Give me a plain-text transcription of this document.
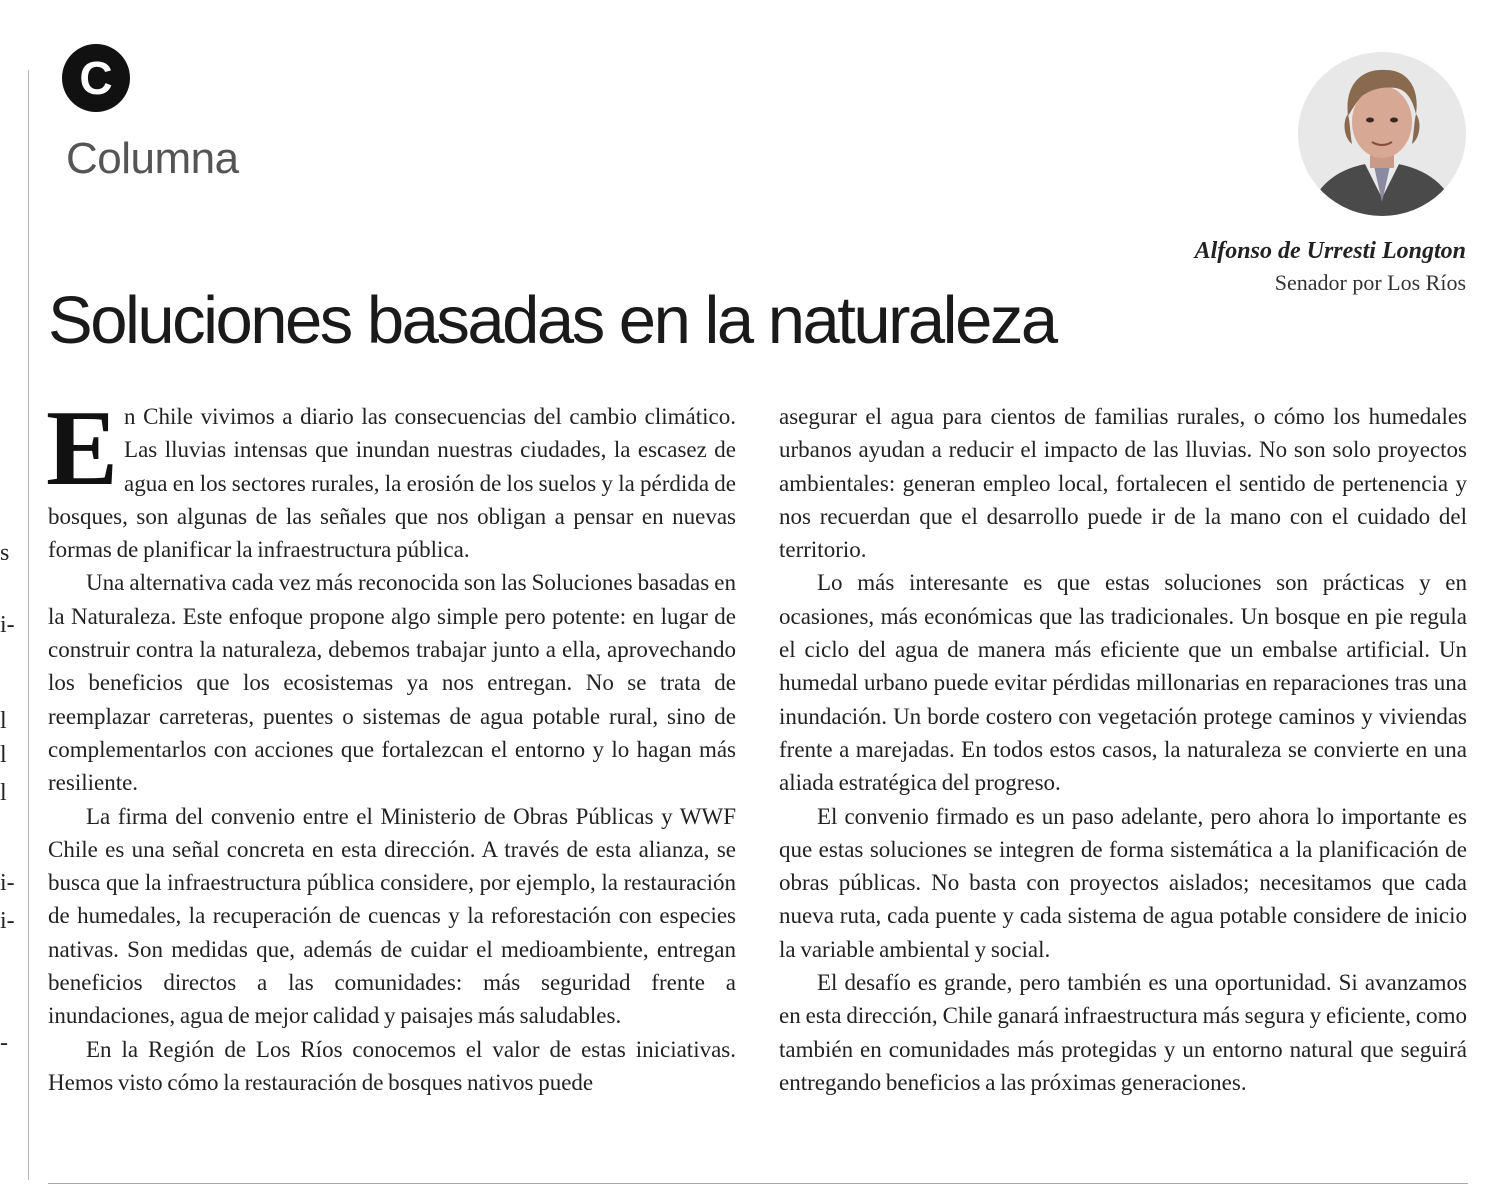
s
i-
l
l
l
i-
i-
-
C
Columna
Alfonso de Urresti Longton
Senador por Los Ríos
Soluciones basadas en la naturaleza

En Chile vivimos a diario las consecuencias del cambio climático. Las lluvias intensas que inundan nuestras ciudades, la escasez de agua en los sectores rurales, la erosión de los suelos y la pérdida de bosques, son algunas de las señales que nos obligan a pensar en nuevas formas de planificar la infraestructura pública.

Una alternativa cada vez más reconocida son las Soluciones basadas en la Naturaleza. Este enfoque propone algo simple pero potente: en lugar de construir contra la naturaleza, debemos trabajar junto a ella, aprovechando los beneficios que los ecosistemas ya nos entregan. No se trata de reemplazar carreteras, puentes o sistemas de agua potable rural, sino de complementarlos con acciones que fortalezcan el entorno y lo hagan más resiliente.

La firma del convenio entre el Ministerio de Obras Públicas y WWF Chile es una señal concreta en esta dirección. A través de esta alianza, se busca que la infraestructura pública considere, por ejemplo, la restauración de humedales, la recuperación de cuencas y la reforestación con especies nativas. Son medidas que, además de cuidar el medioambiente, entregan beneficios directos a las comunidades: más seguridad frente a inundaciones, agua de mejor calidad y paisajes más saludables.

En la Región de Los Ríos conocemos el valor de estas iniciativas. Hemos visto cómo la restauración de bosques nativos puede

asegurar el agua para cientos de familias rurales, o cómo los humedales urbanos ayudan a reducir el impacto de las lluvias. No son solo proyectos ambientales: generan empleo local, fortalecen el sentido de pertenencia y nos recuerdan que el desarrollo puede ir de la mano con el cuidado del territorio.

Lo más interesante es que estas soluciones son prácticas y en ocasiones, más económicas que las tradicionales. Un bosque en pie regula el ciclo del agua de manera más eficiente que un embalse artificial. Un humedal urbano puede evitar pérdidas millonarias en reparaciones tras una inundación. Un borde costero con vegetación protege caminos y viviendas frente a marejadas. En todos estos casos, la naturaleza se convierte en una aliada estratégica del progreso.

El convenio firmado es un paso adelante, pero ahora lo importante es que estas soluciones se integren de forma sistemática a la planificación de obras públicas. No basta con proyectos aislados; necesitamos que cada nueva ruta, cada puente y cada sistema de agua potable considere de inicio la variable ambiental y social.

El desafío es grande, pero también es una oportunidad. Si avanzamos en esta dirección, Chile ganará infraestructura más segura y eficiente, como también en comunidades más protegidas y un entorno natural que seguirá entregando beneficios a las próximas generaciones.
